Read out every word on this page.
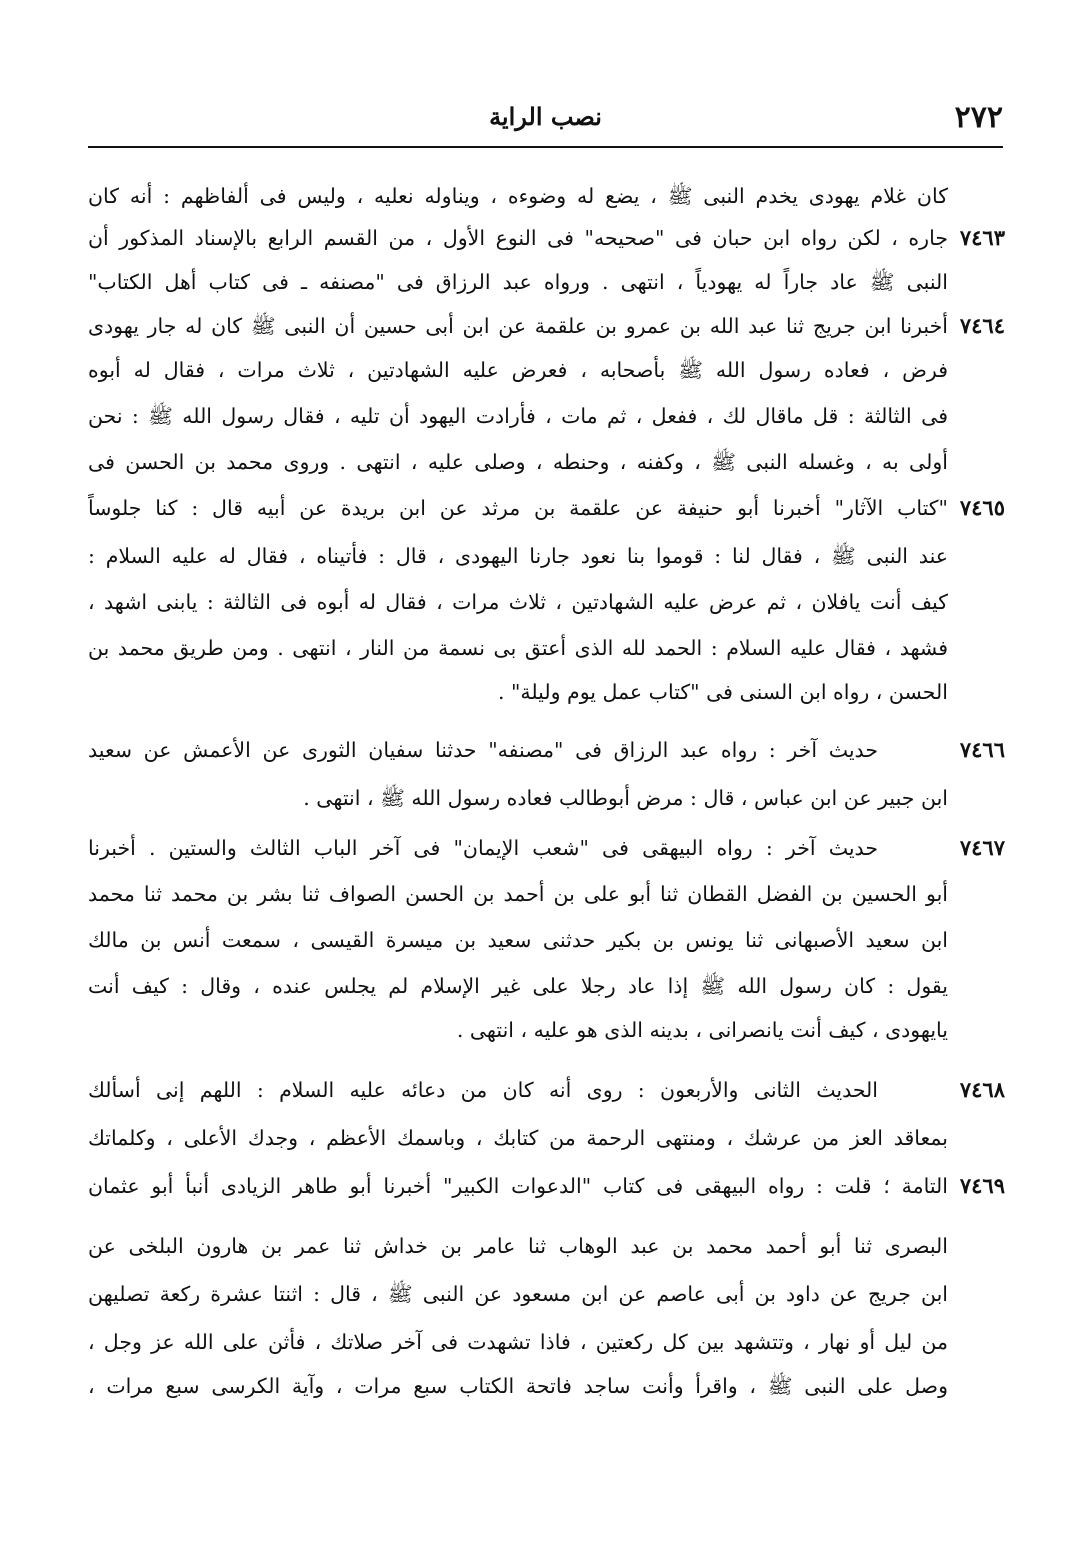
٢٧٢
نصب الراية
كان غلام يهودى يخدم النبى ﷺ ، يضع له وضوءه ، ويناوله نعليه ، وليس فى ألفاظهم : أنه كان
٧٤٦٣
جاره ، لكن رواه ابن حبان فى "صحيحه" فى النوع الأول ، من القسم الرابع بالإسناد المذكور أن
النبى ﷺ عاد جاراً له يهودياً ، انتهى . ورواه عبد الرزاق فى "مصنفه ـ فى كتاب أهل الكتاب"
٧٤٦٤
أخبرنا ابن جريج ثنا عبد الله بن عمرو بن علقمة عن ابن أبى حسين أن النبى ﷺ كان له جار يهودى
فرض ، فعاده رسول الله ﷺ بأصحابه ، فعرض عليه الشهادتين ، ثلاث مرات ، فقال له أبوه
فى الثالثة : قل ماقال لك ، ففعل ، ثم مات ، فأرادت اليهود أن تليه ، فقال رسول الله ﷺ : نحن
أولى به ، وغسله النبى ﷺ ، وكفنه ، وحنطه ، وصلى عليه ، انتهى . وروى محمد بن الحسن فى
٧٤٦٥
"كتاب الآثار" أخبرنا أبو حنيفة عن علقمة بن مرثد عن ابن بريدة عن أبيه قال : كنا جلوساً
عند النبى ﷺ ، فقال لنا : قوموا بنا نعود جارنا اليهودى ، قال : فأتيناه ، فقال له عليه السلام :
كيف أنت يافلان ، ثم عرض عليه الشهادتين ، ثلاث مرات ، فقال له أبوه فى الثالثة : يابنى اشهد ،
فشهد ، فقال عليه السلام : الحمد لله الذى أعتق بى نسمة من النار ، انتهى . ومن طريق محمد بن
الحسن ، رواه ابن السنى فى "كتاب عمل يوم وليلة" .
٧٤٦٦
حديث آخر : رواه عبد الرزاق فى "مصنفه" حدثنا سفيان الثورى عن الأعمش عن سعيد
ابن جبير عن ابن عباس ، قال : مرض أبوطالب فعاده رسول الله ﷺ ، انتهى .
٧٤٦٧
حديث آخر : رواه البيهقى فى "شعب الإيمان" فى آخر الباب الثالث والستين . أخبرنا
أبو الحسين بن الفضل القطان ثنا أبو على بن أحمد بن الحسن الصواف ثنا بشر بن محمد ثنا محمد
ابن سعيد الأصبهانى ثنا يونس بن بكير حدثنى سعيد بن ميسرة القيسى ، سمعت أنس بن مالك
يقول : كان رسول الله ﷺ إذا عاد رجلا على غير الإسلام لم يجلس عنده ، وقال : كيف أنت
يايهودى ، كيف أنت يانصرانى ، بدينه الذى هو عليه ، انتهى .
٧٤٦٨
الحديث الثانى والأربعون : روى أنه كان من دعائه عليه السلام : اللهم إنى أسألك
بمعاقد العز من عرشك ، ومنتهى الرحمة من كتابك ، وباسمك الأعظم ، وجدك الأعلى ، وكلماتك
٧٤٦٩
التامة ؛ قلت : رواه البيهقى فى كتاب "الدعوات الكبير" أخبرنا أبو طاهر الزيادى أنبأ أبو عثمان
البصرى ثنا أبو أحمد محمد بن عبد الوهاب ثنا عامر بن خداش ثنا عمر بن هارون البلخى عن
ابن جريج عن داود بن أبى عاصم عن ابن مسعود عن النبى ﷺ ، قال : اثنتا عشرة ركعة تصليهن
من ليل أو نهار ، وتتشهد بين كل ركعتين ، فاذا تشهدت فى آخر صلاتك ، فأثن على الله عز وجل ،
وصل على النبى ﷺ ، واقرأ وأنت ساجد فاتحة الكتاب سبع مرات ، وآية الكرسى سبع مرات ،
